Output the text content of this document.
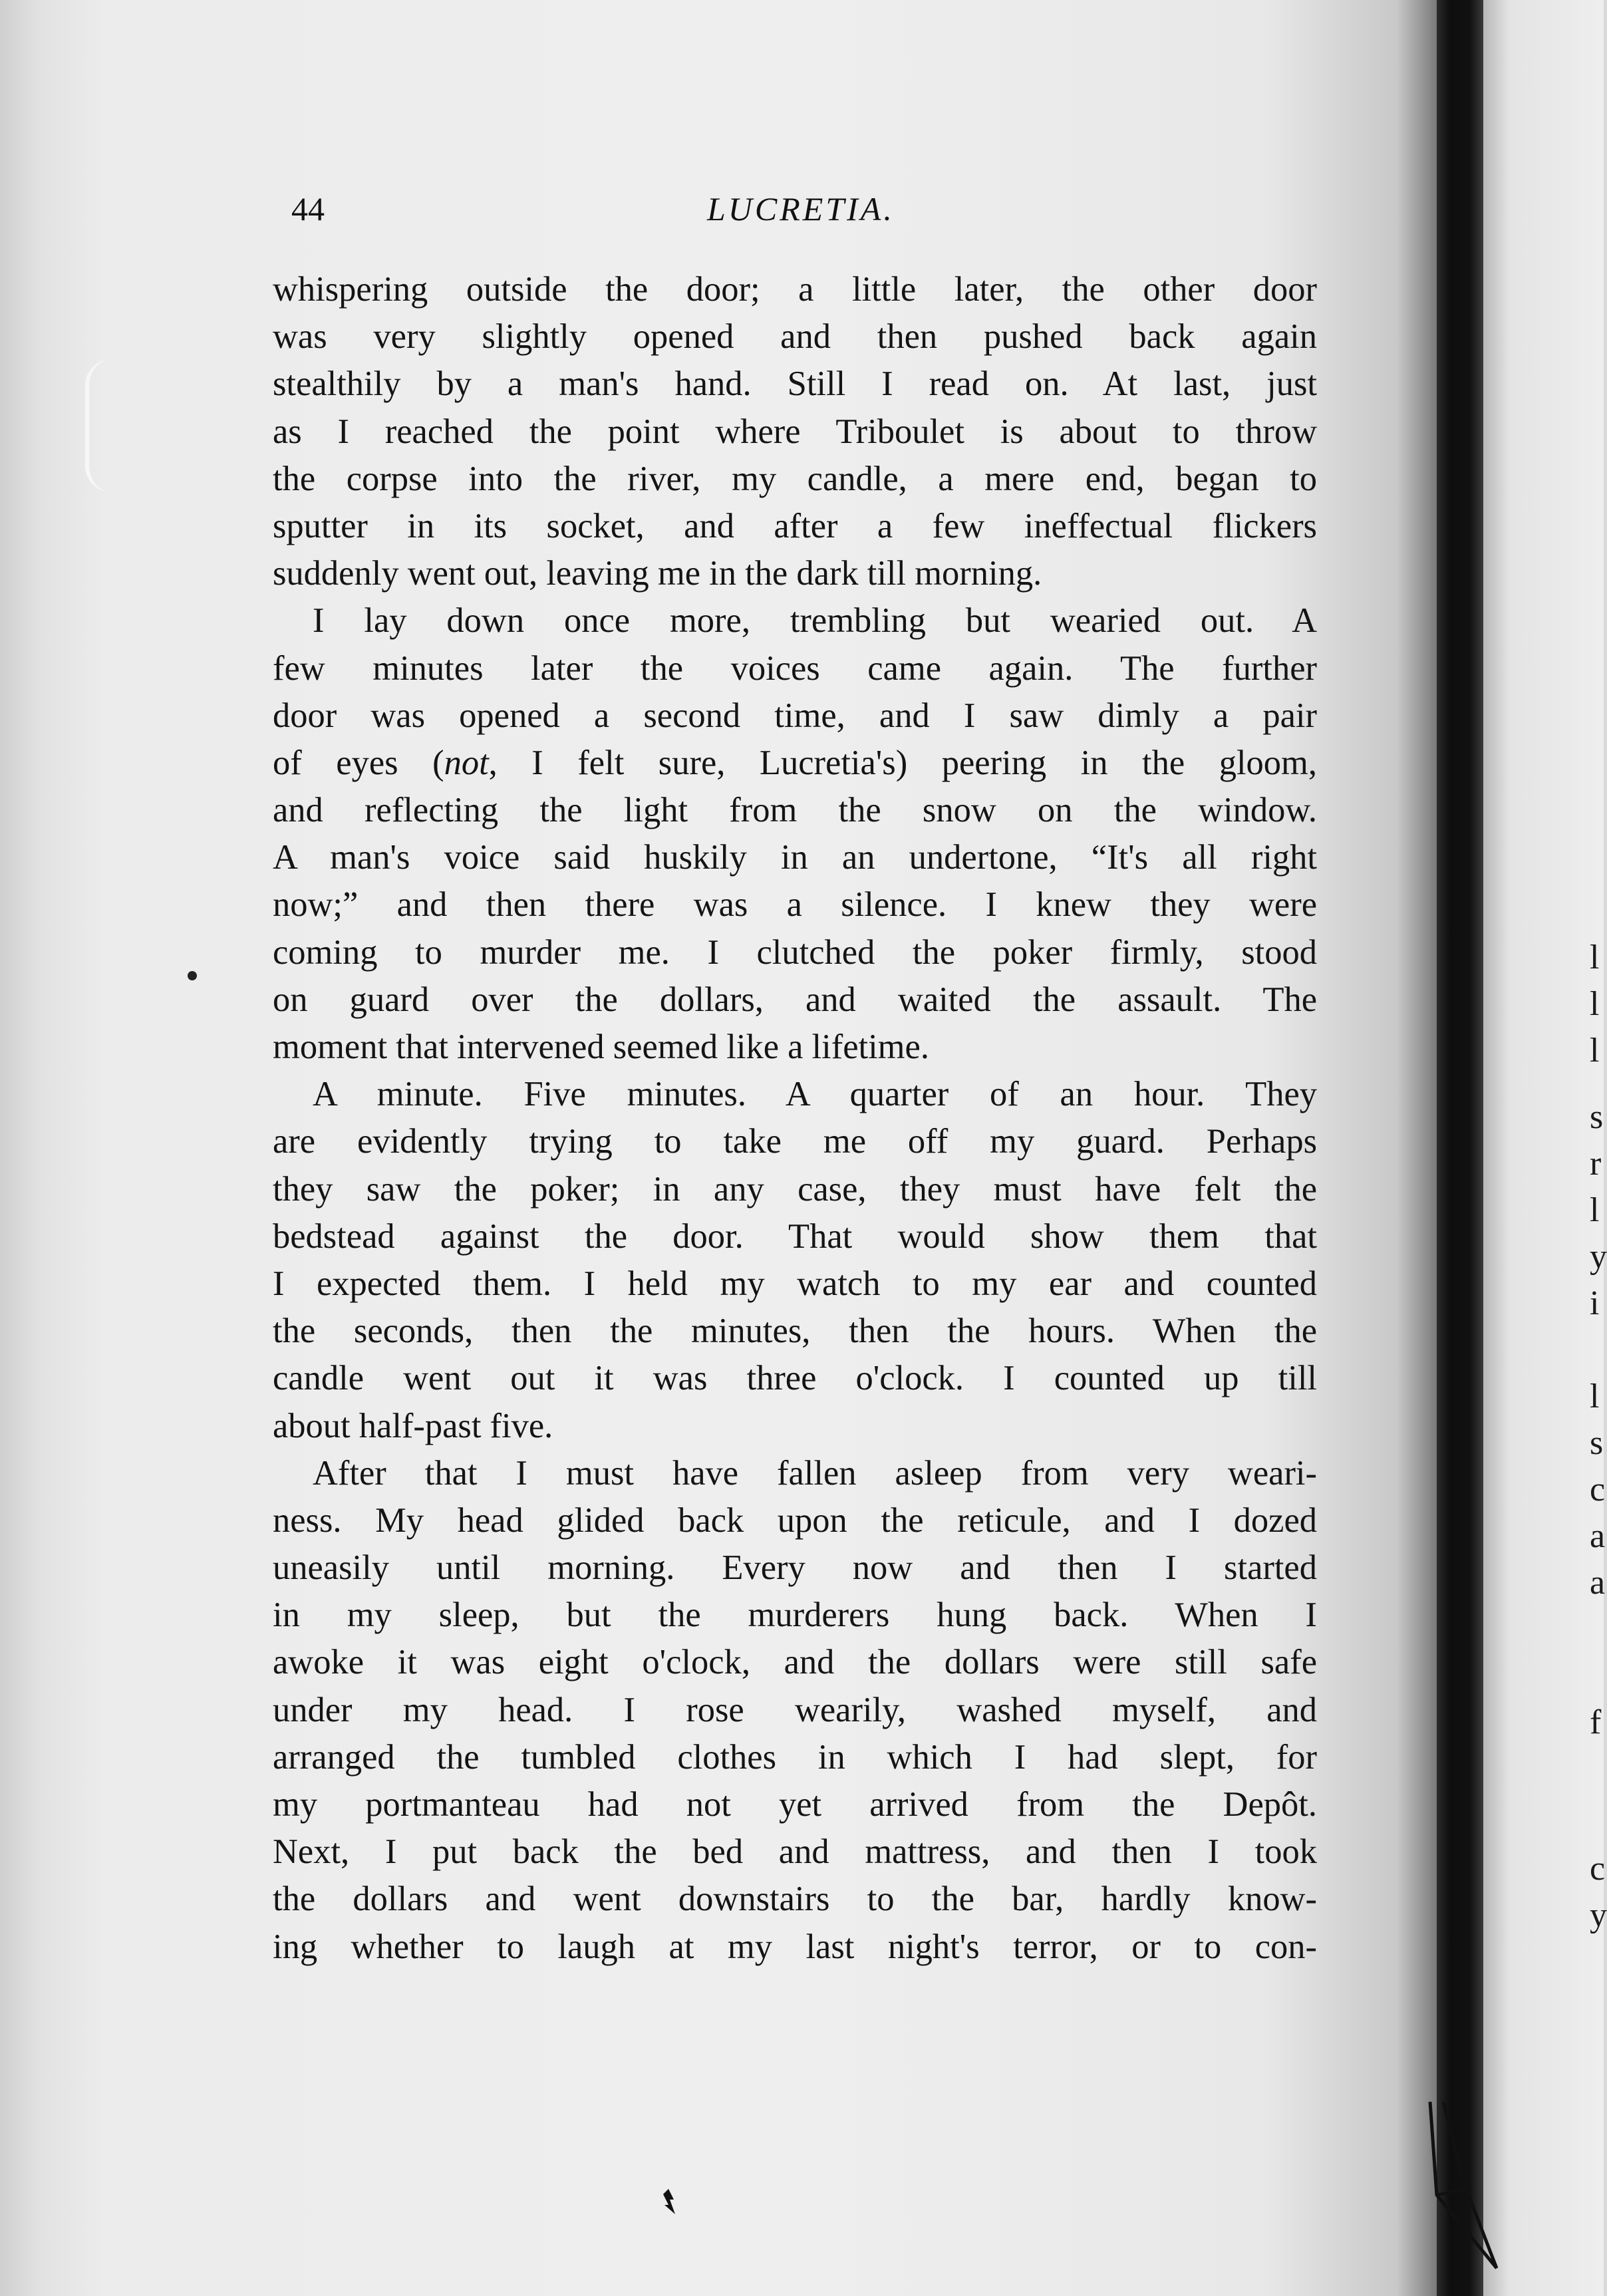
l
l
l
s
r
l
y
i
l
s
c
a
a
f
c
y
44	LUCRETIA.
whispering outside the door; a little later, the other door
was very slightly opened and then pushed back again
stealthily by a man's hand. Still I read on. At last, just
as I reached the point where Triboulet is about to throw
the corpse into the river, my candle, a mere end, began to
sputter in its socket, and after a few ineffectual flickers
suddenly went out, leaving me in the dark till morning.
I lay down once more, trembling but wearied out. A
few minutes later the voices came again. The further
door was opened a second time, and I saw dimly a pair
of eyes (not, I felt sure, Lucretia's) peering in the gloom,
and reflecting the light from the snow on the window.
A man's voice said huskily in an undertone, “It's all right
now;” and then there was a silence. I knew they were
coming to murder me. I clutched the poker firmly, stood
on guard over the dollars, and waited the assault. The
moment that intervened seemed like a lifetime.
A minute. Five minutes. A quarter of an hour. They
are evidently trying to take me off my guard. Perhaps
they saw the poker; in any case, they must have felt the
bedstead against the door. That would show them that
I expected them. I held my watch to my ear and counted
the seconds, then the minutes, then the hours. When the
candle went out it was three o'clock. I counted up till
about half-past five.
After that I must have fallen asleep from very weari-
ness. My head glided back upon the reticule, and I dozed
uneasily until morning. Every now and then I started
in my sleep, but the murderers hung back. When I
awoke it was eight o'clock, and the dollars were still safe
under my head. I rose wearily, washed myself, and
arranged the tumbled clothes in which I had slept, for
my portmanteau had not yet arrived from the Depôt.
Next, I put back the bed and mattress, and then I took
the dollars and went downstairs to the bar, hardly know-
ing whether to laugh at my last night's terror, or to con-
